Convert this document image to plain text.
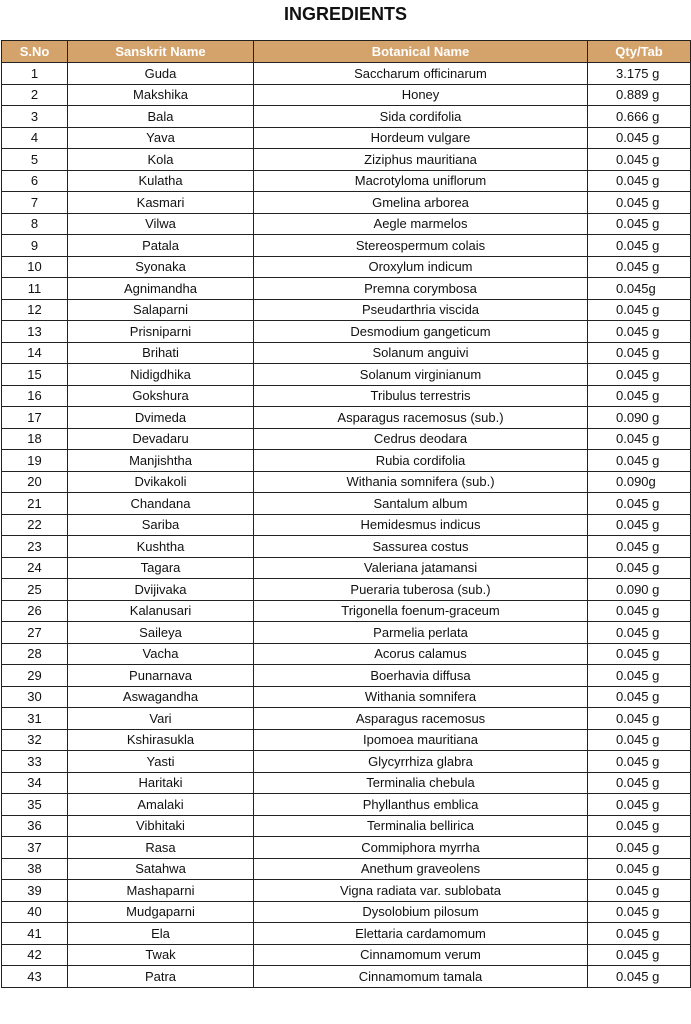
INGREDIENTS
S.No	Sanskrit Name	Botanical Name	Qty/Tab
1	Guda	Saccharum officinarum	3.175 g
2	Makshika	Honey	0.889 g
3	Bala	Sida cordifolia	0.666 g
4	Yava	Hordeum vulgare	0.045 g
5	Kola	Ziziphus mauritiana	0.045 g
6	Kulatha	Macrotyloma uniflorum	0.045 g
7	Kasmari	Gmelina arborea	0.045 g
8	Vilwa	Aegle marmelos	0.045 g
9	Patala	Stereospermum colais	0.045 g
10	Syonaka	Oroxylum indicum	0.045 g
11	Agnimandha	Premna corymbosa	0.045g
12	Salaparni	Pseudarthria viscida	0.045 g
13	Prisniparni	Desmodium gangeticum	0.045 g
14	Brihati	Solanum anguivi	0.045 g
15	Nidigdhika	Solanum virginianum	0.045 g
16	Gokshura	Tribulus terrestris	0.045 g
17	Dvimeda	Asparagus racemosus (sub.)	0.090 g
18	Devadaru	Cedrus deodara	0.045 g
19	Manjishtha	Rubia cordifolia	0.045 g
20	Dvikakoli	Withania somnifera (sub.)	0.090g
21	Chandana	Santalum album	0.045 g
22	Sariba	Hemidesmus indicus	0.045 g
23	Kushtha	Sassurea costus	0.045 g
24	Tagara	Valeriana jatamansi	0.045 g
25	Dvijivaka	Pueraria tuberosa (sub.)	0.090 g
26	Kalanusari	Trigonella foenum-graceum	0.045 g
27	Saileya	Parmelia perlata	0.045 g
28	Vacha	Acorus calamus	0.045 g
29	Punarnava	Boerhavia diffusa	0.045 g
30	Aswagandha	Withania somnifera	0.045 g
31	Vari	Asparagus racemosus	0.045 g
32	Kshirasukla	Ipomoea mauritiana	0.045 g
33	Yasti	Glycyrrhiza glabra	0.045 g
34	Haritaki	Terminalia chebula	0.045 g
35	Amalaki	Phyllanthus emblica	0.045 g
36	Vibhitaki	Terminalia bellirica	0.045 g
37	Rasa	Commiphora myrrha	0.045 g
38	Satahwa	Anethum graveolens	0.045 g
39	Mashaparni	Vigna radiata var. sublobata	0.045 g
40	Mudgaparni	Dysolobium pilosum	0.045 g
41	Ela	Elettaria cardamomum	0.045 g
42	Twak	Cinnamomum verum	0.045 g
43	Patra	Cinnamomum tamala	0.045 g
